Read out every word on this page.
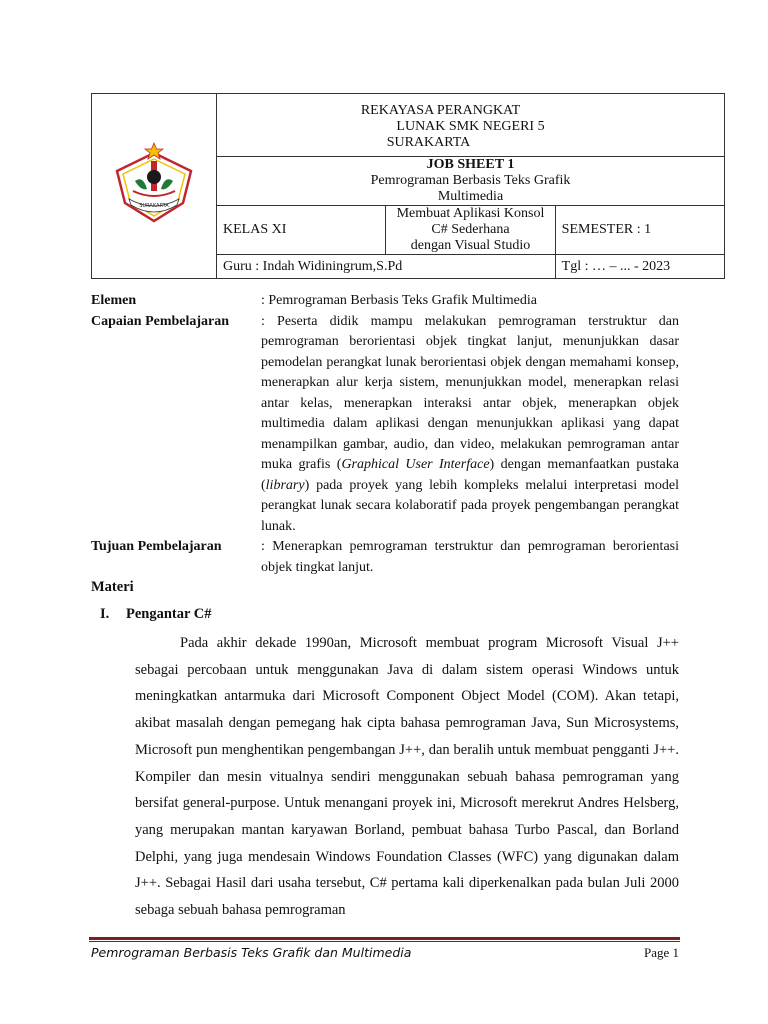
SURAKARTA	REKAYASA PERANGKAT
LUNAK SMK NEGERI 5
SURAKARTA		

	JOB SHEET 1
Pemrograman Berbasis Teks Grafik
Multimedia		

	KELAS XI	Membuat Aplikasi Konsol C# Sederhana
dengan Visual Studio	SEMESTER : 1
	Guru : Indah Widiningrum,S.Pd		Tgl : … – ... - 2023
Elemen	: Pemrograman Berbasis Teks Grafik Multimedia
Capaian Pembelajaran	: Peserta didik mampu melakukan pemrograman terstruktur dan pemrograman berorientasi objek tingkat lanjut, menunjukkan dasar pemodelan perangkat lunak berorientasi objek dengan memahami konsep, menerapkan alur kerja sistem, menunjukkan model, menerapkan relasi antar kelas, menerapkan interaksi antar objek, menerapkan objek multimedia dalam aplikasi dengan menunjukkan aplikasi yang dapat menampilkan gambar, audio, dan video, melakukan pemrograman antar muka grafis (Graphical User Interface) dengan memanfaatkan pustaka (library) pada proyek yang lebih kompleks melalui interpretasi model perangkat lunak secara kolaboratif pada proyek pengembangan perangkat lunak.
Tujuan Pembelajaran	: Menerapkan pemrograman terstruktur dan pemrograman berorientasi objek tingkat lanjut.
Materi
I. Pengantar C#
Pada akhir dekade 1990an, Microsoft membuat program Microsoft Visual J++ sebagai percobaan untuk menggunakan Java di dalam sistem operasi Windows untuk meningkatkan antarmuka dari Microsoft Component Object Model (COM). Akan tetapi, akibat masalah dengan pemegang hak cipta bahasa pemrograman Java, Sun Microsystems, Microsoft pun menghentikan pengembangan J++, dan beralih untuk membuat pengganti J++. Kompiler dan mesin vitualnya sendiri menggunakan sebuah bahasa pemrograman yang bersifat general-purpose. Untuk menangani proyek ini, Microsoft merekrut Andres Helsberg, yang merupakan mantan karyawan Borland, pembuat bahasa Turbo Pascal, dan Borland Delphi, yang juga mendesain Windows Foundation Classes (WFC) yang digunakan dalam J++. Sebagai Hasil dari usaha tersebut, C# pertama kali diperkenalkan pada bulan Juli 2000 sebaga sebuah bahasa pemrograman
Pemrograman Berbasis Teks Grafik dan Multimedia	Page 1
